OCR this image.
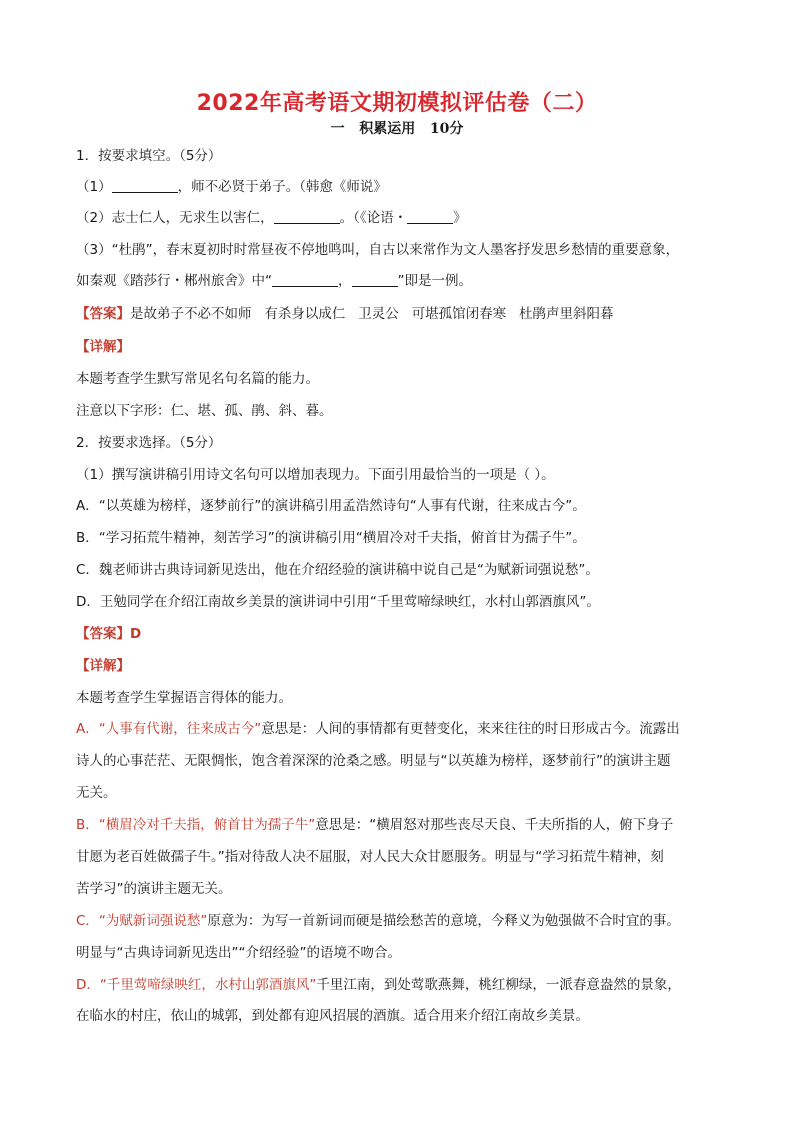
2022年高考语文期初模拟评估卷（二）
一   积累运用   10分
1．按要求填空。（5分）
（1）	，师不必贤于弟子。（韩愈《师说》
（2）志士仁人，无求生以害仁，	。（《论语・	》
（3）“杜鹃”，春末夏初时时常昼夜不停地鸣叫，自古以来常作为文人墨客抒发思乡愁情的重要意象，
如秦观《踏莎行・郴州旅舍》中“	，	”即是一例。
【答案】是故弟子不必不如师   有杀身以成仁   卫灵公   可堪孤馆闭春寒   杜鹃声里斜阳暮
【详解】
本题考查学生默写常见名句名篇的能力。
注意以下字形：仁、堪、孤、鹃、斜、暮。
2．按要求选择。（5分）
（1）撰写演讲稿引用诗文名句可以增加表现力。下面引用最恰当的一项是（ ）。
A．“以英雄为榜样，逐梦前行”的演讲稿引用孟浩然诗句“人事有代谢，往来成古今”。
B．“学习拓荒牛精神，刻苦学习”的演讲稿引用“横眉冷对千夫指，俯首甘为孺子牛”。
C．魏老师讲古典诗词新见迭出，他在介绍经验的演讲稿中说自己是“为赋新词强说愁”。
D．王勉同学在介绍江南故乡美景的演讲词中引用“千里莺啼绿映红，水村山郭酒旗风”。
【答案】D
【详解】
本题考查学生掌握语言得体的能力。
A．“人事有代谢，往来成古今”意思是：人间的事情都有更替变化，来来往往的时日形成古今。流露出
诗人的心事茫茫、无限惆怅，饱含着深深的沧桑之感。明显与“以英雄为榜样，逐梦前行”的演讲主题
无关。
B．“横眉冷对千夫指，俯首甘为孺子牛”意思是：“横眉怒对那些丧尽天良、千夫所指的人，俯下身子
甘愿为老百姓做孺子牛。”指对待敌人决不屈服，对人民大众甘愿服务。明显与“学习拓荒牛精神，刻
苦学习”的演讲主题无关。
C．“为赋新词强说愁”原意为：为写一首新词而硬是描绘愁苦的意境，今释义为勉强做不合时宜的事。
明显与“古典诗词新见迭出”“介绍经验”的语境不吻合。
D．“千里莺啼绿映红，水村山郭酒旗风”千里江南，到处莺歌燕舞，桃红柳绿，一派春意盎然的景象，
在临水的村庄，依山的城郭，到处都有迎风招展的酒旗。适合用来介绍江南故乡美景。
